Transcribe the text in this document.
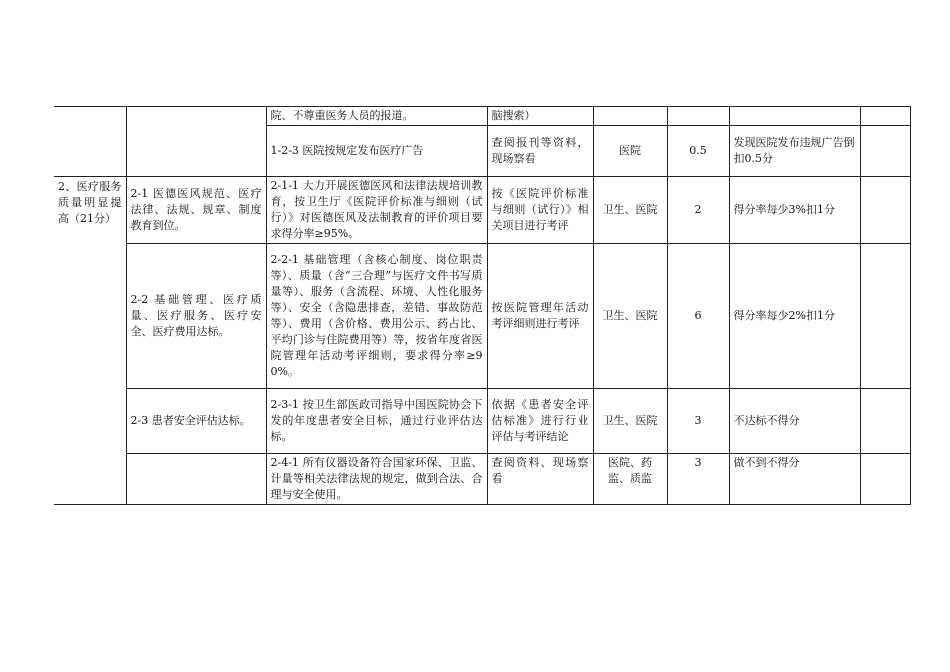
		院、不尊重医务人员的报道。	脑搜索）				
		1-2-3 医院按规定发布医疗广告	查阅报刊等资料，现场察看	医院	0.5	发现医院发布违规广告倒扣0.5分	
2、医疗服务质量明显提高（21分）	2-1 医德医风规范、医疗法律、法规、规章、制度教育到位。	2-1-1 大力开展医德医风和法律法规培训教育，按卫生厅《医院评价标准与细则（试行）》对医德医风及法制教育的评价项目要求得分率≥95%。	按《医院评价标准与细则（试行）》相关项目进行考评	卫生、医院	2	得分率每少3%扣1分	
	2-2 基础管理、医疗质量、医疗服务、医疗安全、医疗费用达标。	2-2-1 基础管理（含核心制度、岗位职责等）、质量（含“三合理”与医疗文件书写质量等）、服务（含流程、环境、人性化服务等）、安全（含隐患排查，差错、事故防范等）、费用（含价格、费用公示、药占比、平均门诊与住院费用等）等，按省年度省医院管理年活动考评细则，要求得分率≥90%。	按医院管理年活动考评细则进行考评	卫生、医院	6	得分率每少2%扣1分	
	2-3 患者安全评估达标。	2-3-1 按卫生部医政司指导中国医院协会下发的年度患者安全目标，通过行业评估达标。	依据《患者安全评估标准》进行行业评估与考评结论	卫生、医院	3	不达标不得分	
		2-4-1 所有仪器设备符合国家环保、卫监、计量等相关法律法规的规定，做到合法、合理与安全使用。	查阅资料、现场察看	医院、药监、质监	3	做不到不得分	
